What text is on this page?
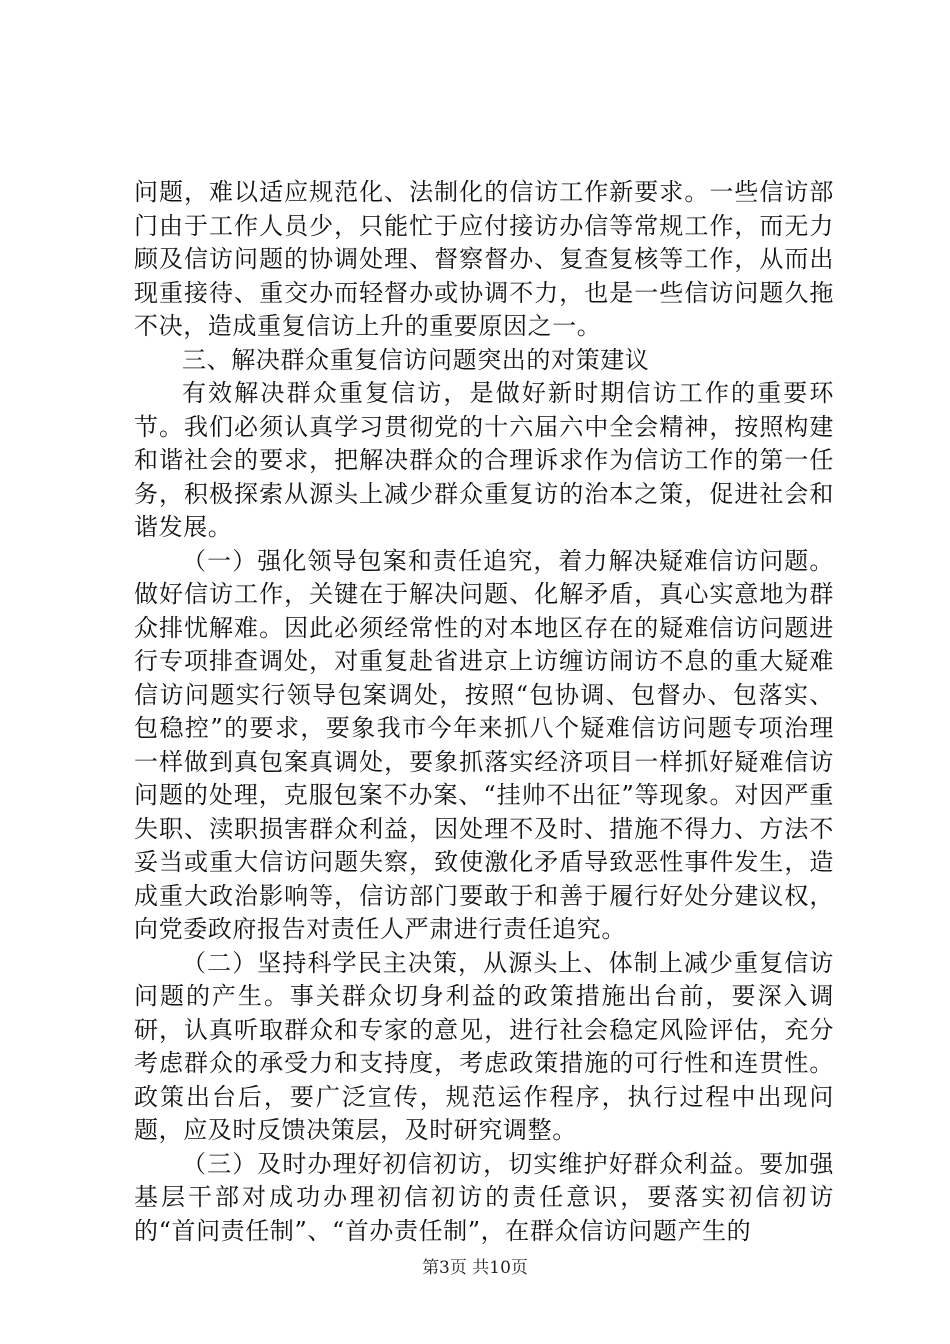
问题，难以适应规范化、法制化的信访工作新要求。一些信访部门由于工作人员少，只能忙于应付接访办信等常规工作，而无力顾及信访问题的协调处理、督察督办、复查复核等工作，从而出现重接待、重交办而轻督办或协调不力，也是一些信访问题久拖不决，造成重复信访上升的重要原因之一。

三、解决群众重复信访问题突出的对策建议

有效解决群众重复信访，是做好新时期信访工作的重要环节。我们必须认真学习贯彻党的十六届六中全会精神，按照构建和谐社会的要求，把解决群众的合理诉求作为信访工作的第一任务，积极探索从源头上减少群众重复访的治本之策，促进社会和谐发展。

（一）强化领导包案和责任追究，着力解决疑难信访问题。做好信访工作，关键在于解决问题、化解矛盾，真心实意地为群众排忧解难。因此必须经常性的对本地区存在的疑难信访问题进行专项排查调处，对重复赴省进京上访缠访闹访不息的重大疑难信访问题实行领导包案调处，按照“包协调、包督办、包落实、包稳控”的要求，要象我市今年来抓八个疑难信访问题专项治理一样做到真包案真调处，要象抓落实经济项目一样抓好疑难信访问题的处理，克服包案不办案、“挂帅不出征”等现象。对因严重失职、渎职损害群众利益，因处理不及时、措施不得力、方法不妥当或重大信访问题失察，致使激化矛盾导致恶性事件发生，造成重大政治影响等，信访部门要敢于和善于履行好处分建议权，向党委政府报告对责任人严肃进行责任追究。

（二）坚持科学民主决策，从源头上、体制上减少重复信访问题的产生。事关群众切身利益的政策措施出台前，要深入调研，认真听取群众和专家的意见，进行社会稳定风险评估，充分考虑群众的承受力和支持度，考虑政策措施的可行性和连贯性。政策出台后，要广泛宣传，规范运作程序，执行过程中出现问题，应及时反馈决策层，及时研究调整。

（三）及时办理好初信初访，切实维护好群众利益。要加强基层干部对成功办理初信初访的责任意识，要落实初信初访的“首问责任制”、“首办责任制”，在群众信访问题产生的

第3页 共10页
